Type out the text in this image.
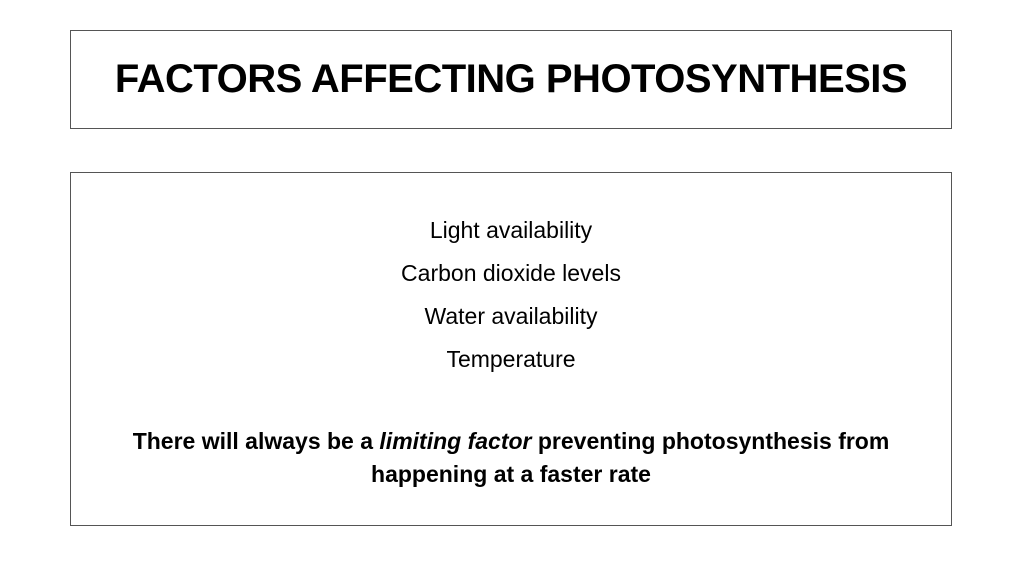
FACTORS AFFECTING PHOTOSYNTHESIS
Light availability
Carbon dioxide levels
Water availability
Temperature

There will always be a limiting factor preventing photosynthesis from happening at a faster rate
